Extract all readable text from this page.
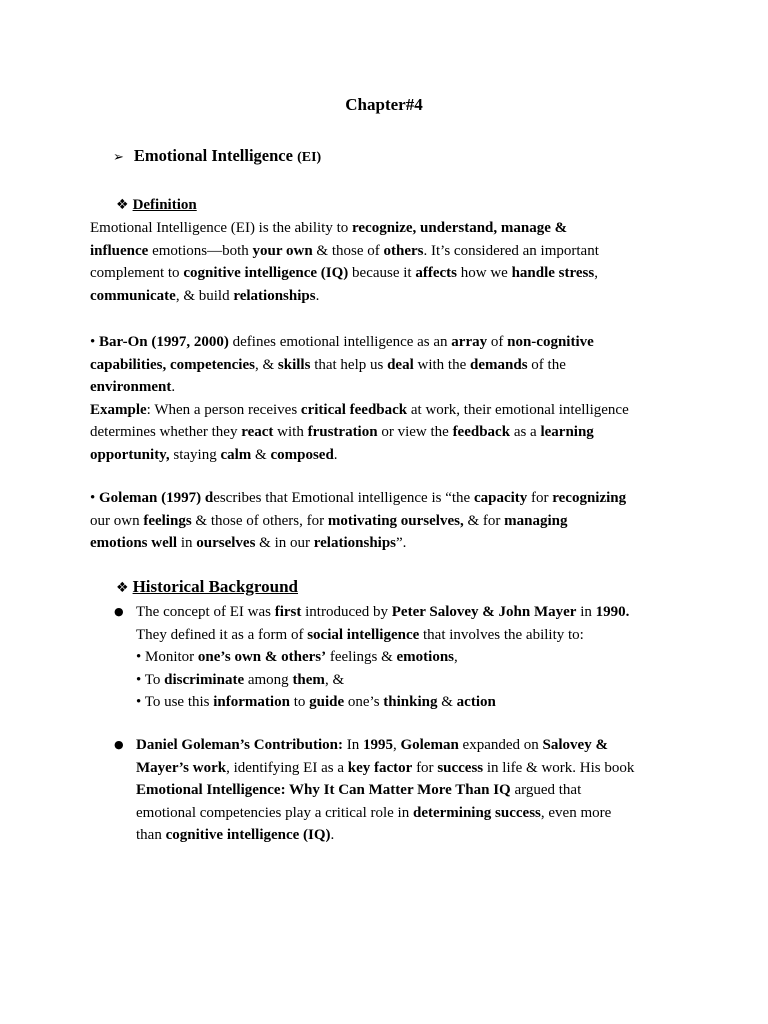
Chapter#4
➢ Emotional Intelligence (EI)
❖ Definition
Emotional Intelligence (EI) is the ability to recognize, understand, manage &
influence emotions—both your own & those of others. It’s considered an important
complement to cognitive intelligence (IQ) because it affects how we handle stress,
communicate, & build relationships.
• Bar-On (1997, 2000) defines emotional intelligence as an array of non-cognitive
capabilities, competencies, & skills that help us deal with the demands of the
environment.
Example: When a person receives critical feedback at work, their emotional intelligence
determines whether they react with frustration or view the feedback as a learning
opportunity, staying calm & composed.
• Goleman (1997) describes that Emotional intelligence is “the capacity for recognizing
our own feelings & those of others, for motivating ourselves, & for managing
emotions well in ourselves & in our relationships”.
❖ Historical Background
● The concept of EI was first introduced by Peter Salovey & John Mayer in 1990.
They defined it as a form of social intelligence that involves the ability to:
• Monitor one’s own & others’ feelings & emotions,
• To discriminate among them, &
• To use this information to guide one’s thinking & action
● Daniel Goleman’s Contribution: In 1995, Goleman expanded on Salovey &
Mayer’s work, identifying EI as a key factor for success in life & work. His book
Emotional Intelligence: Why It Can Matter More Than IQ argued that
emotional competencies play a critical role in determining success, even more
than cognitive intelligence (IQ).
